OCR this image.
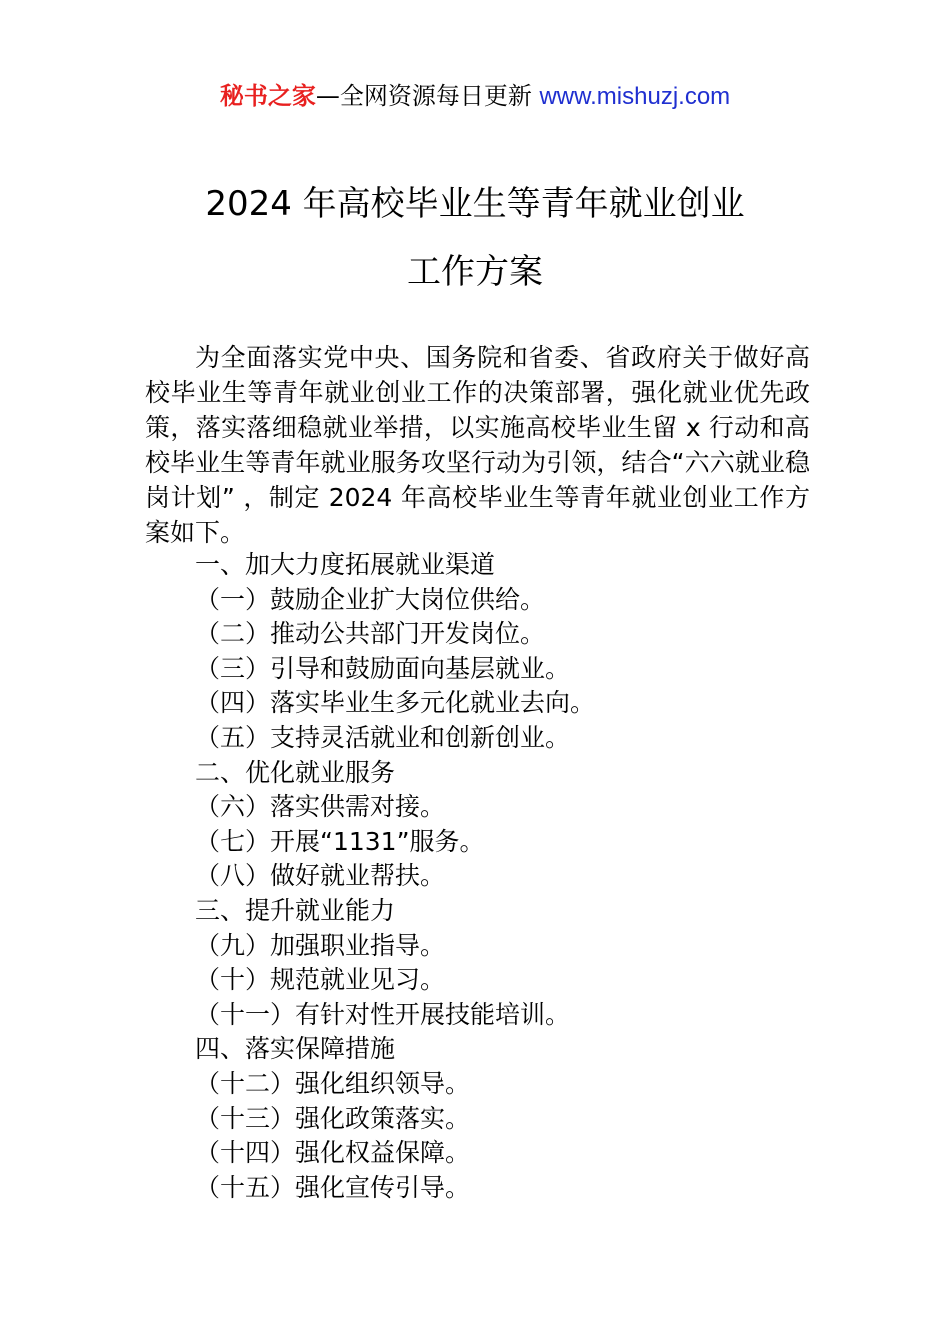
秘书之家—全网资源每日更新 www.mishuzj.com
2024 年高校毕业生等青年就业创业
工作方案

为全面落实党中央、国务院和省委、省政府关于做好高校毕业生等青年就业创业工作的决策部署，强化就业优先政策，落实落细稳就业举措，以实施高校毕业生留 x 行动和高校毕业生等青年就业服务攻坚行动为引领，结合“六六就业稳岗计划” ，制定 2024 年高校毕业生等青年就业创业工作方案如下。

一、加大力度拓展就业渠道
（一）鼓励企业扩大岗位供给。
（二）推动公共部门开发岗位。
（三）引导和鼓励面向基层就业。
（四）落实毕业生多元化就业去向。
（五）支持灵活就业和创新创业。
二、优化就业服务
（六）落实供需对接。
（七）开展“1131”服务。
（八）做好就业帮扶。
三、提升就业能力
（九）加强职业指导。
（十）规范就业见习。
（十一）有针对性开展技能培训。
四、落实保障措施
（十二）强化组织领导。
（十三）强化政策落实。
（十四）强化权益保障。
（十五）强化宣传引导。
